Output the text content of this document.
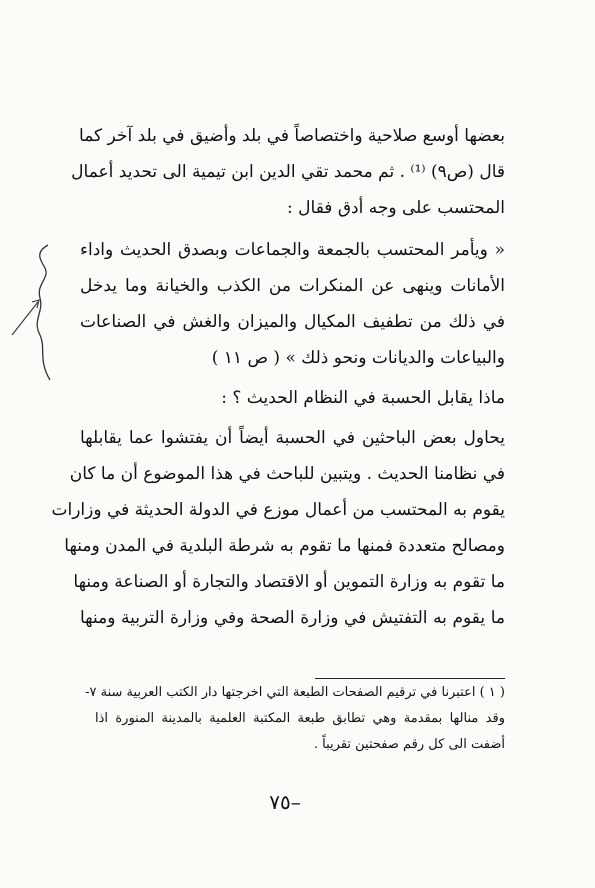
بعضها أوسع صلاحية واختصاصاً في بلد وأضيق في بلد آخر كما
قال (ص٩) ⁽¹⁾ . ثم محمد تقي الدين ابن تيمية الى تحديد أعمال
المحتسب على وجه أدق فقال :
« ويأمر المحتسب بالجمعة والجماعات وبصدق الحديث واداء
الأمانات وينهى عن المنكرات من الكذب والخيانة وما يدخل
في ذلك من تطفيف المكيال والميزان والغش في الصناعات
والبياعات والديانات ونحو ذلك » ( ص ١١ )
ماذا يقابل الحسبة في النظام الحديث ؟ :
يحاول بعض الباحثين في الحسبة أيضاً أن يفتشوا عما يقابلها
في نظامنا الحديث . ويتبين للباحث في هذا الموضوع أن ما كان
يقوم به المحتسب من أعمال موزع في الدولة الحديثة في وزارات
ومصالح متعددة فمنها ما تقوم به شرطة البلدية في المدن ومنها
ما تقوم به وزارة التموين أو الاقتصاد والتجارة أو الصناعة ومنها
ما يقوم به التفتيش في وزارة الصحة وفي وزارة التربية ومنها
( ١ ) اعتبرنا في ترقيم الصفحات الطبعة التي اخرجتها دار الكتب العربية سنة ٧-
وقد منالها بمقدمة وهي تطابق طبعة المكتبة العلمية بالمدينة المنورة اذا
أضفت الى كل رقم صفحتين تقريباً .
–٧٥
